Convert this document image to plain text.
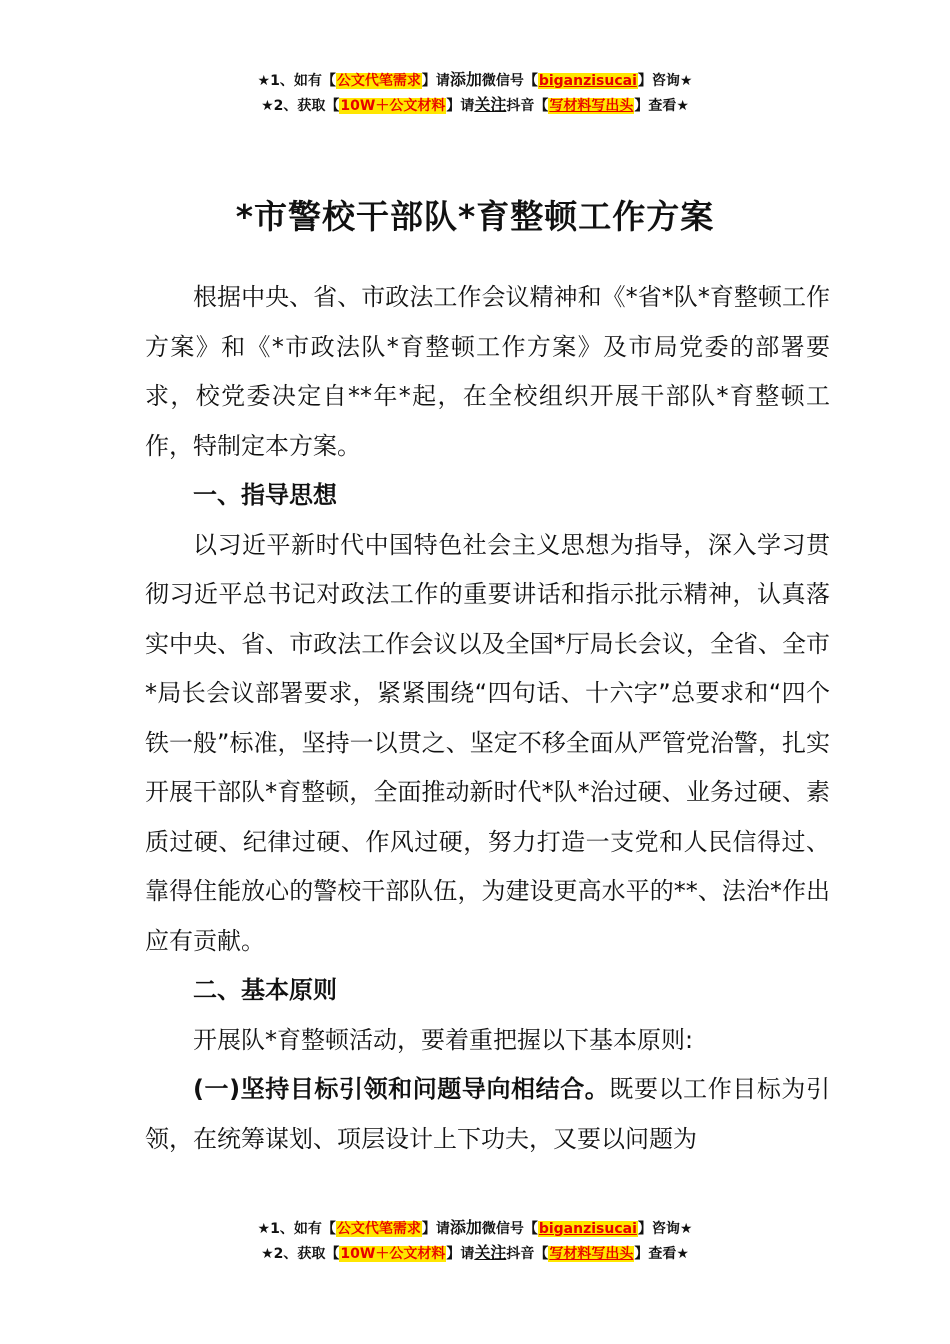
★1、如有【公文代笔需求】请添加微信号【biganzisucai】咨询★
★2、获取【10W＋公文材料】请关注抖音【写材料写出头】查看★
*市警校干部队*育整顿工作方案

根据中央、省、市政法工作会议精神和《*省*队*育整顿工作方案》和《*市政法队*育整顿工作方案》及市局党委的部署要求，校党委决定自**年*起，在全校组织开展干部队*育整顿工作，特制定本方案。

一、指导思想

以习近平新时代中国特色社会主义思想为指导，深入学习贯彻习近平总书记对政法工作的重要讲话和指示批示精神，认真落实中央、省、市政法工作会议以及全国*厅局长会议，全省、全市*局长会议部署要求，紧紧围绕“四句话、十六字”总要求和“四个铁一般”标准，坚持一以贯之、坚定不移全面从严管党治警，扎实开展干部队*育整顿，全面推动新时代*队*治过硬、业务过硬、素质过硬、纪律过硬、作风过硬，努力打造一支党和人民信得过、靠得住能放心的警校干部队伍，为建设更高水平的**、法治*作出应有贡献。

二、基本原则

开展队*育整顿活动，要着重把握以下基本原则:

(一)坚持目标引领和问题导向相结合。既要以工作目标为引领，在统筹谋划、项层设计上下功夫，又要以问题为

★1、如有【公文代笔需求】请添加微信号【biganzisucai】咨询★
★2、获取【10W＋公文材料】请关注抖音【写材料写出头】查看★
